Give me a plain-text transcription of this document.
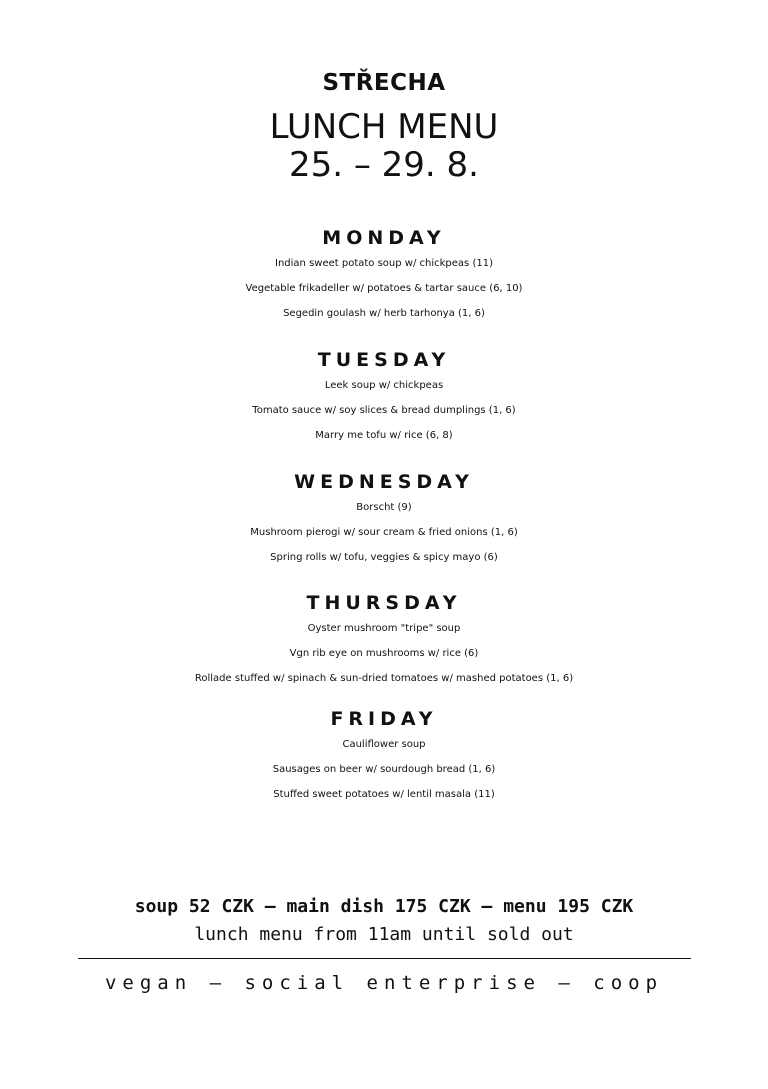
STŘECHA
LUNCH MENU
25. – 29. 8.
MONDAY
Indian sweet potato soup w/ chickpeas (11)
Vegetable frikadeller w/ potatoes & tartar sauce (6, 10)
Segedin goulash w/ herb tarhonya (1, 6)
TUESDAY
Leek soup w/ chickpeas
Tomato sauce w/ soy slices & bread dumplings (1, 6)
Marry me tofu w/ rice (6, 8)
WEDNESDAY
Borscht (9)
Mushroom pierogi w/ sour cream & fried onions (1, 6)
Spring rolls w/ tofu, veggies & spicy mayo (6)
THURSDAY
Oyster mushroom "tripe" soup
Vgn rib eye on mushrooms w/ rice (6)
Rollade stuffed w/ spinach & sun-dried tomatoes w/ mashed potatoes (1, 6)
FRIDAY
Cauliflower soup
Sausages on beer w/ sourdough bread (1, 6)
Stuffed sweet potatoes w/ lentil masala (11)
soup 52 CZK – main dish 175 CZK – menu 195 CZK
lunch menu from 11am until sold out
vegan – social enterprise – coop
